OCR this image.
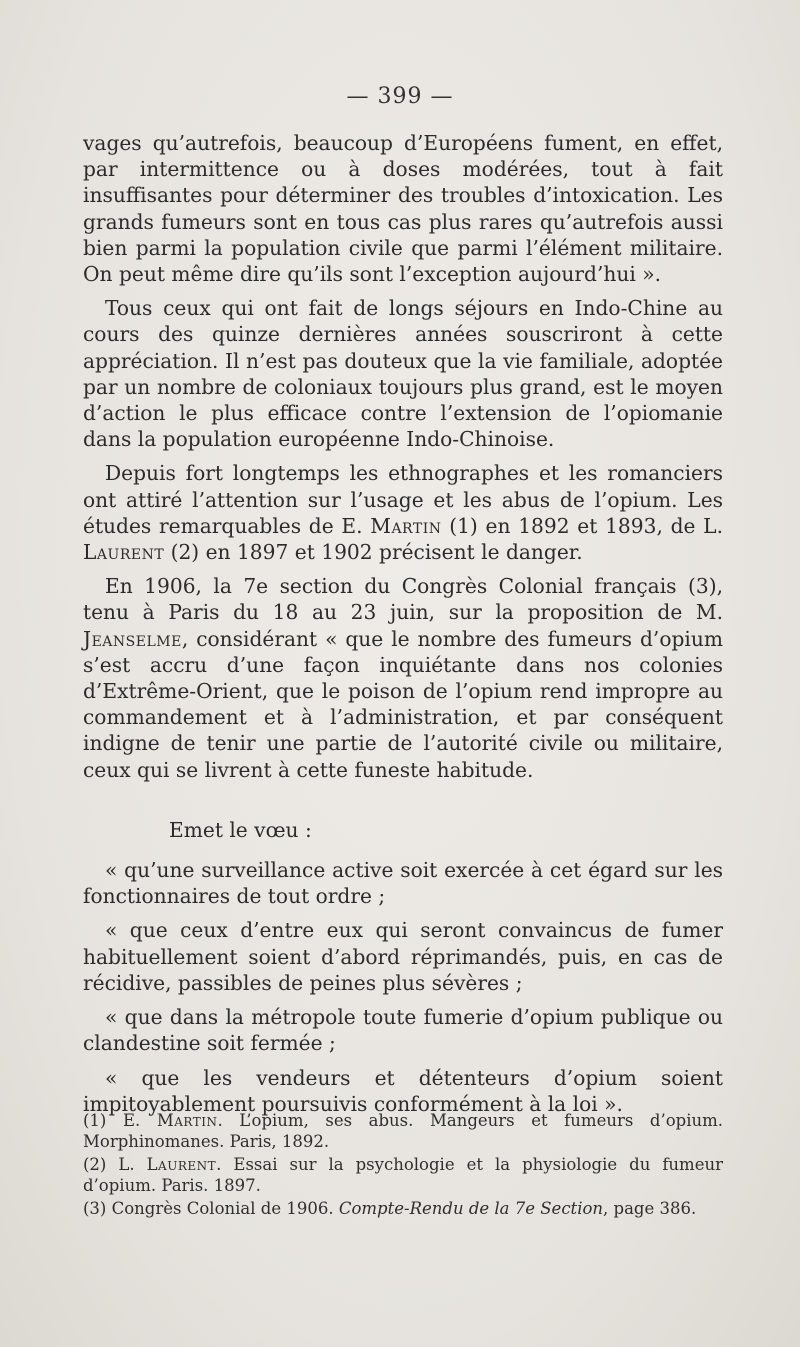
— 399 —

vages qu’autrefois, beaucoup d’Européens fument, en effet, par intermittence ou à doses modérées, tout à fait insuffisantes pour déterminer des troubles d’intoxication. Les grands fumeurs sont en tous cas plus rares qu’autrefois aussi bien parmi la population civile que parmi l’élément militaire. On peut même dire qu’ils sont l’exception aujourd’hui ».

Tous ceux qui ont fait de longs séjours en Indo-Chine au cours des quinze dernières années souscriront à cette appréciation. Il n’est pas douteux que la vie familiale, adoptée par un nombre de coloniaux toujours plus grand, est le moyen d’action le plus efficace contre l’extension de l’opiomanie dans la population européenne Indo-Chinoise.

Depuis fort longtemps les ethnographes et les romanciers ont attiré l’attention sur l’usage et les abus de l’opium. Les études remarquables de E. Martin (1) en 1892 et 1893, de L. Laurent (2) en 1897 et 1902 précisent le danger.

En 1906, la 7e section du Congrès Colonial français (3), tenu à Paris du 18 au 23 juin, sur la proposition de M. Jeanselme, considérant « que le nombre des fumeurs d’opium s’est accru d’une façon inquiétante dans nos colonies d’Extrême-Orient, que le poison de l’opium rend impropre au commandement et à l’administration, et par conséquent indigne de tenir une partie de l’autorité civile ou militaire, ceux qui se livrent à cette funeste habitude.

Emet le vœu :

« qu’une surveillance active soit exercée à cet égard sur les fonctionnaires de tout ordre ;

« que ceux d’entre eux qui seront convaincus de fumer habituellement soient d’abord réprimandés, puis, en cas de récidive, passibles de peines plus sévères ;

« que dans la métropole toute fumerie d’opium publique ou clandestine soit fermée ;

« que les vendeurs et détenteurs d’opium soient impitoyablement poursuivis conformément à la loi ».

(1) E. Martin. L’opium, ses abus. Mangeurs et fumeurs d’opium. Morphinomanes. Paris, 1892.

(2) L. Laurent. Essai sur la psychologie et la physiologie du fumeur d’opium. Paris. 1897.

(3) Congrès Colonial de 1906. Compte-Rendu de la 7e Section, page 386.
